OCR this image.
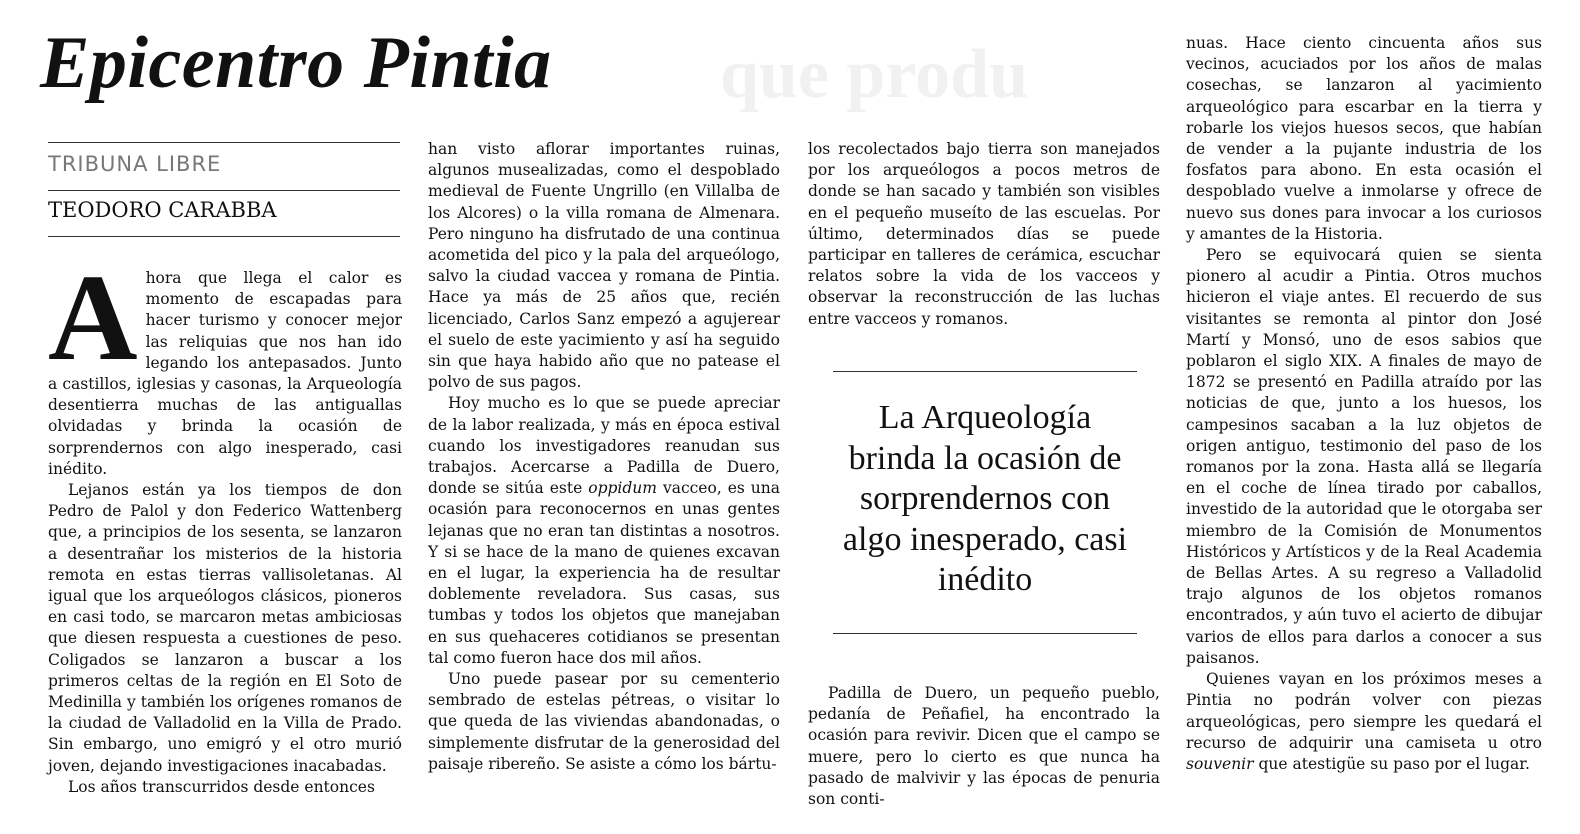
que produ
Epicentro Pintia
TRIBUNA LIBRE
TEODORO CARABBA

Ahora que llega el calor es momento de escapadas para hacer turismo y conocer mejor las reliquias que nos han ido legando los antepasados. Junto a castillos, iglesias y casonas, la Arqueología desentierra muchas de las antiguallas olvidadas y brinda la ocasión de sorprendernos con algo inesperado, casi inédito.

Lejanos están ya los tiempos de don Pedro de Palol y don Federico Wattenberg que, a principios de los sesenta, se lanzaron a desentrañar los misterios de la historia remota en estas tierras vallisoletanas. Al igual que los arqueólogos clásicos, pioneros en casi todo, se marcaron metas ambiciosas que diesen respuesta a cuestiones de peso. Coligados se lanzaron a buscar a los primeros celtas de la región en El Soto de Medinilla y también los orígenes romanos de la ciudad de Valladolid en la Villa de Prado. Sin embargo, uno emigró y el otro murió joven, dejando investigaciones inacabadas.

Los años transcurridos desde entonces

han visto aflorar importantes ruinas, algunos musealizadas, como el despoblado medieval de Fuente Ungrillo (en Villalba de los Alcores) o la villa romana de Almenara. Pero ninguno ha disfrutado de una continua acometida del pico y la pala del arqueólogo, salvo la ciudad vaccea y romana de Pintia. Hace ya más de 25 años que, recién licenciado, Carlos Sanz empezó a agujerear el suelo de este yacimiento y así ha seguido sin que haya habido año que no patease el polvo de sus pagos.

Hoy mucho es lo que se puede apreciar de la labor realizada, y más en época estival cuando los investigadores reanudan sus trabajos. Acercarse a Padilla de Duero, donde se sitúa este oppidum vacceo, es una ocasión para reconocernos en unas gentes lejanas que no eran tan distintas a nosotros. Y si se hace de la mano de quienes excavan en el lugar, la experiencia ha de resultar doblemente reveladora. Sus casas, sus tumbas y todos los objetos que manejaban en sus quehaceres cotidianos se presentan tal como fueron hace dos mil años.

Uno puede pasear por su cementerio sembrado de estelas pétreas, o visitar lo que queda de las viviendas abandonadas, o simplemente disfrutar de la generosidad del paisaje ribereño. Se asiste a cómo los bártu-

los recolectados bajo tierra son manejados por los arqueólogos a pocos metros de donde se han sacado y también son visibles en el pequeño museíto de las escuelas. Por último, determinados días se puede participar en talleres de cerámica, escuchar relatos sobre la vida de los vacceos y observar la reconstrucción de las luchas entre vacceos y romanos.

La Arqueología brinda la ocasión de sorprendernos con algo inesperado, casi inédito

Padilla de Duero, un pequeño pueblo, pedanía de Peñafiel, ha encontrado la ocasión para revivir. Dicen que el campo se muere, pero lo cierto es que nunca ha pasado de malvivir y las épocas de penuria son conti-

nuas. Hace ciento cincuenta años sus vecinos, acuciados por los años de malas cosechas, se lanzaron al yacimiento arqueológico para escarbar en la tierra y robarle los viejos huesos secos, que habían de vender a la pujante industria de los fosfatos para abono. En esta ocasión el despoblado vuelve a inmolarse y ofrece de nuevo sus dones para invocar a los curiosos y amantes de la Historia.

Pero se equivocará quien se sienta pionero al acudir a Pintia. Otros muchos hicieron el viaje antes. El recuerdo de sus visitantes se remonta al pintor don José Martí y Monsó, uno de esos sabios que poblaron el siglo XIX. A finales de mayo de 1872 se presentó en Padilla atraído por las noticias de que, junto a los huesos, los campesinos sacaban a la luz objetos de origen antiguo, testimonio del paso de los romanos por la zona. Hasta allá se llegaría en el coche de línea tirado por caballos, investido de la autoridad que le otorgaba ser miembro de la Comisión de Monumentos Históricos y Artísticos y de la Real Academia de Bellas Artes. A su regreso a Valladolid trajo algunos de los objetos romanos encontrados, y aún tuvo el acierto de dibujar varios de ellos para darlos a conocer a sus paisanos.

Quienes vayan en los próximos meses a Pintia no podrán volver con piezas arqueológicas, pero siempre les quedará el recurso de adquirir una camiseta u otro souvenir que atestigüe su paso por el lugar.
